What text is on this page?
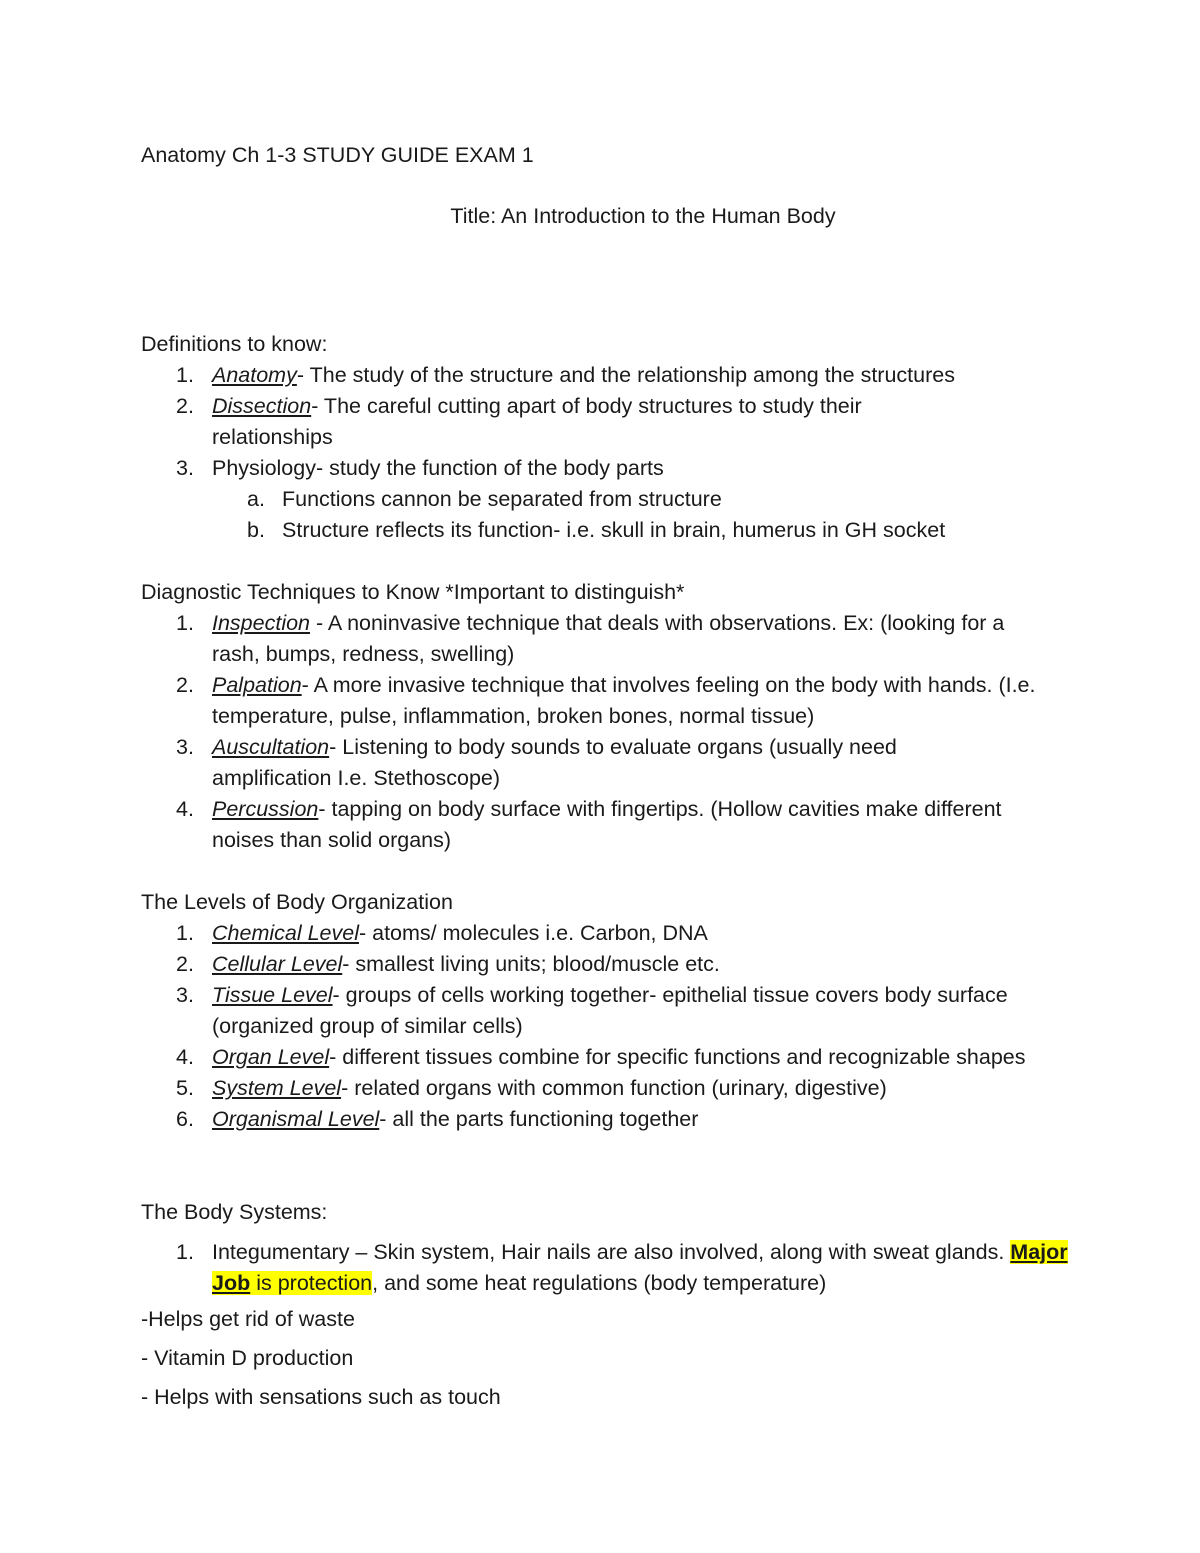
Anatomy Ch 1-3 STUDY GUIDE EXAM 1
Title: An Introduction to the Human Body
Definitions to know:
1. Anatomy- The study of the structure and the relationship among the structures
2. Dissection- The careful cutting apart of body structures to study their relationships
3. Physiology- study the function of the body parts
a. Functions cannon be separated from structure
b. Structure reflects its function- i.e. skull in brain, humerus in GH socket
Diagnostic Techniques to Know *Important to distinguish*
1. Inspection - A noninvasive technique that deals with observations. Ex: (looking for a rash, bumps, redness, swelling)
2. Palpation- A more invasive technique that involves feeling on the body with hands. (I.e. temperature, pulse, inflammation, broken bones, normal tissue)
3. Auscultation- Listening to body sounds to evaluate organs (usually need amplification I.e. Stethoscope)
4. Percussion- tapping on body surface with fingertips. (Hollow cavities make different noises than solid organs)
The Levels of Body Organization
1. Chemical Level- atoms/ molecules i.e. Carbon, DNA
2. Cellular Level- smallest living units; blood/muscle etc.
3. Tissue Level- groups of cells working together- epithelial tissue covers body surface (organized group of similar cells)
4. Organ Level- different tissues combine for specific functions and recognizable shapes
5. System Level- related organs with common function (urinary, digestive)
6. Organismal Level- all the parts functioning together
The Body Systems:
1. Integumentary – Skin system, Hair nails are also involved, along with sweat glands. Major Job is protection, and some heat regulations (body temperature)
-Helps get rid of waste
- Vitamin D production
- Helps with sensations such as touch
